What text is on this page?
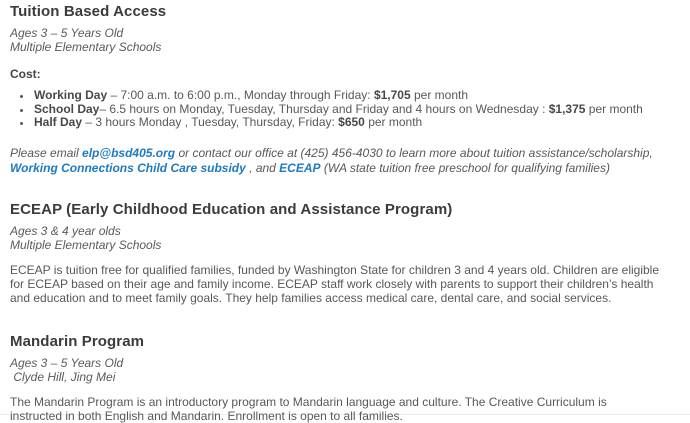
Tuition Based Access

Ages 3 – 5 Years Old
Multiple Elementary Schools

Cost:

• Working Day – 7:00 a.m. to 6:00 p.m., Monday through Friday: $1,705 per month
• School Day– 6.5 hours on Monday, Tuesday, Thursday and Friday and 4 hours on Wednesday : $1,375 per month
• Half Day – 3 hours Monday , Tuesday, Thursday, Friday: $650 per month

Please email elp@bsd405.org or contact our office at (425) 456-4030 to learn more about tuition assistance/scholarship, Working Connections Child Care subsidy , and ECEAP (WA state tuition free preschool for qualifying families)

ECEAP (Early Childhood Education and Assistance Program)

Ages 3 & 4 year olds
Multiple Elementary Schools

ECEAP is tuition free for qualified families, funded by Washington State for children 3 and 4 years old. Children are eligible for ECEAP based on their age and family income. ECEAP staff work closely with parents to support their children’s health and education and to meet family goals. They help families access medical care, dental care, and social services.

Mandarin Program

Ages 3 – 5 Years Old
Clyde Hill, Jing Mei

The Mandarin Program is an introductory program to Mandarin language and culture. The Creative Curriculum is instructed in both English and Mandarin. Enrollment is open to all families.
